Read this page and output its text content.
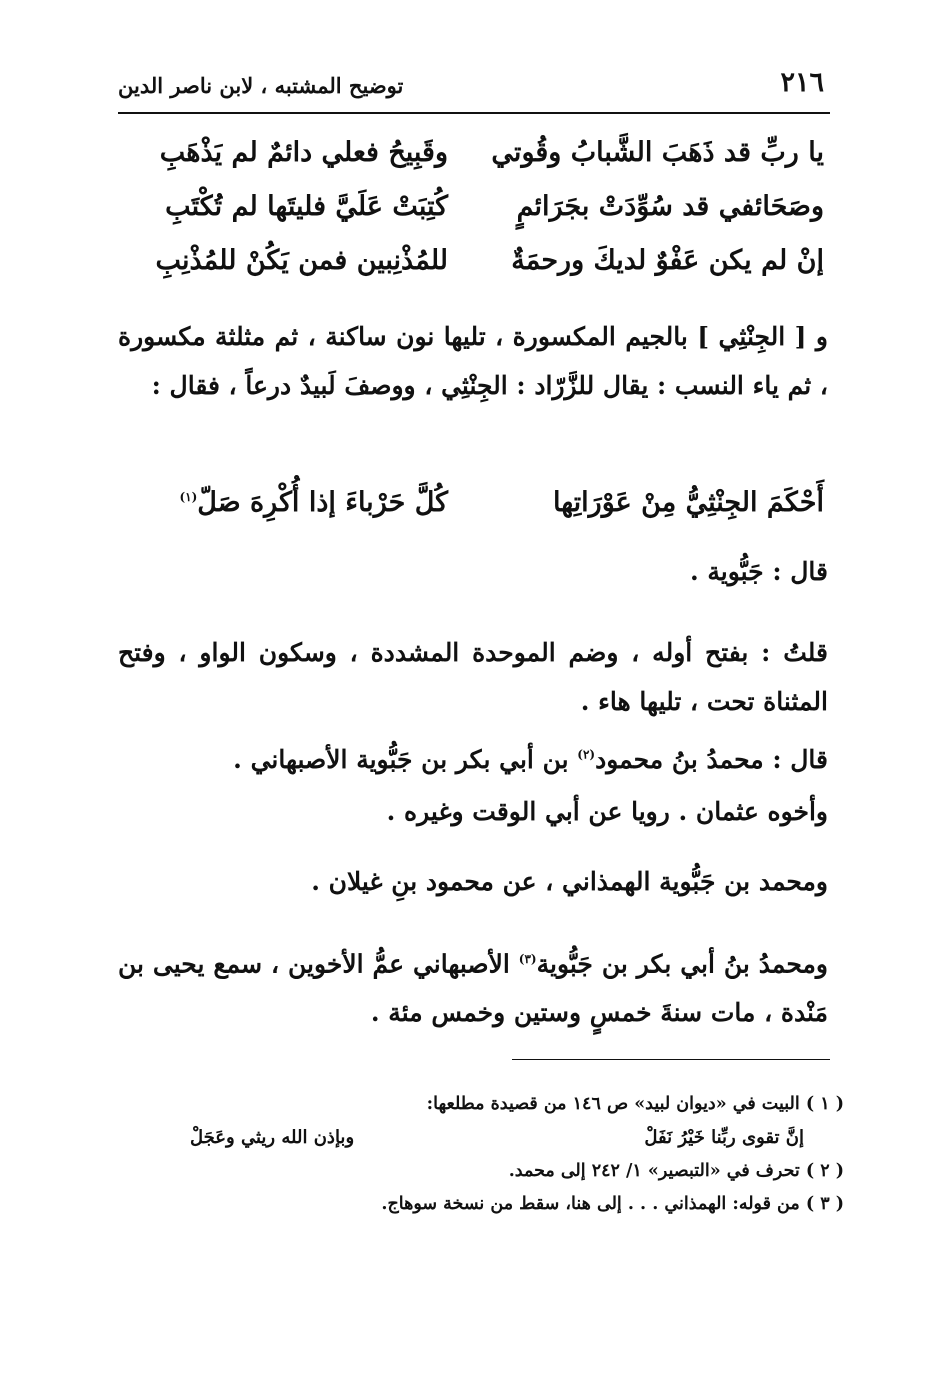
٢١٦
توضيح المشتبه ، لابن ناصر الدين
يا ربِّ قد ذَهَبَ الشَّبابُ وقُوتي
وقَبِيحُ فعلي دائمٌ لم يَذْهَبِ
وصَحَائفي قد سُوِّدَتْ بجَرَائمٍ
كُتِبَتْ عَلَيَّ فليتَها لم تُكْتَبِ
إنْ لم يكن عَفْوٌ لديكَ ورحمَةٌ
للمُذْنِبين فمن يَكُنْ للمُذْنِبِ
و [ الجِنْثِي ] بالجيم المكسورة ، تليها نون ساكنة ، ثم مثلثة مكسورة ، ثم ياء النسب : يقال للزَّرّاد : الجِنْثِي ، ووصفَ لَبيدٌ درعاً ، فقال :
أَحْكَمَ الجِنْثِيُّ مِنْ عَوْرَاتِها
كُلَّ حَرْباءَ إذا أُكْرِهَ صَلّ$^{(١)}$
قال : جَبُّوية .
قلتُ : بفتح أوله ، وضم الموحدة المشددة ، وسكون الواو ، وفتح المثناة تحت ، تليها هاء .
قال : محمدُ بنُ محمود$^{(٢)}$ بن أبي بكر بن جَبُّوية الأصبهاني .
وأخوه عثمان . رويا عن أبي الوقت وغيره .
ومحمد بن جَبُّوية الهمذاني ، عن محمود بنِ غيلان .
ومحمدُ بنُ أبي بكر بن جَبُّوية$^{(٣)}$ الأصبهاني عمُّ الأخوين ، سمع يحيى بن مَنْدة ، مات سنةَ خمسٍ وستين وخمس مئة .
( ١ ) البيت في «ديوان لبيد» ص ١٤٦ من قصيدة مطلعها:
إنَّ تقوى ربِّنا خَيْرُ نَفَلْ
وبإذن الله ريثي وعَجَلْ
( ٢ ) تحرف في «التبصير» ١/ ٢٤٢ إلى محمد.
( ٣ ) من قوله: الهمذاني . . . إلى هنا، سقط من نسخة سوهاج.
